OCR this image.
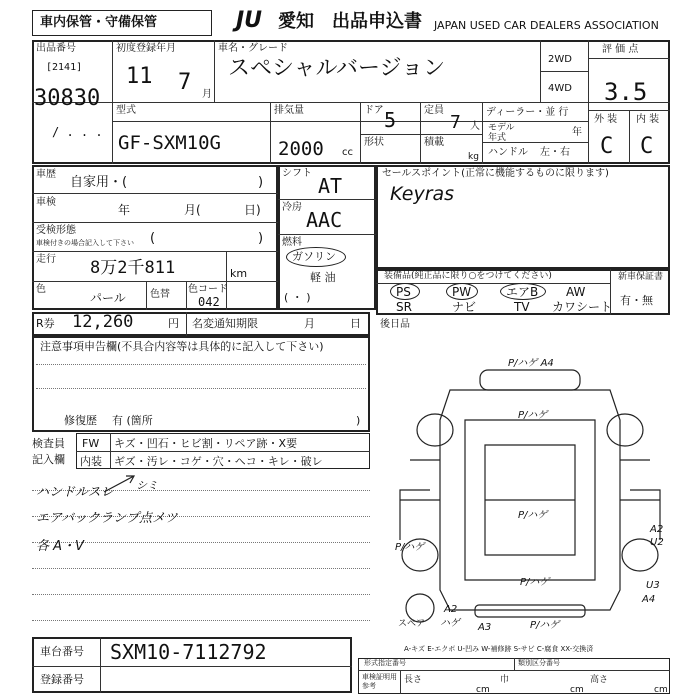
車内保管・守備保管	JU 愛知 出品申込書 JAPAN USED CAR DEALERS ASSOCIATION
出品番号
[2141]
30830
/ . . .
初度登録年月
11 7 月
車名・グレード
スペシャルバージョン	2WD
4WD
評 価 点
3.5
外 装 内 装
C C
型式
GF-SXM10G
排気量
2000 cc
ドア 5	定員
7 人
形状	積載
kg
ディーラー・並 行
モデル
年式	年
ハンドル 左・右
車歴
自家用・(	)
車検
年	月(	日)
受検形態
車検付きの場合記入して下さい (	)
走行 8万2千811	km
色
パール 色替 色コード
042
シフト
AT
冷房
AAC
燃料
ガソリン
軽 油
( ・ )
セールスポイント(正常に機能するものに限ります)
Keyras
装備品(純正品に限り○をつけてください)
PS	PW	エアB AW
SR	ナビ	TV カワシート
新車保証書
有・無
R券 12,260	円 名変通知期限	月	日 後日品
注意事項申告欄(不具合内容等は具体的に記入して下さい)
修復歴 有 (箇所	)
検査員
記入欄
FW キズ・凹石・ヒビ割・リペア跡・X要
内装 ギズ・汚レ・コゲ・穴・ヘコ・キレ・破レ
ハンドルスレ シミ
エアバックランプ点メツ
各 A・V
P/ハゲ A4
P/ハゲ
P/ハゲ
P/ハゲ
P/ハゲ
A2
U2
U3
A4
A2
ハゲ A3	P/ハゲ
スペア
A-キズ E-エクボ U-凹み W-補修跡 S-サビ C-腐食 XX-交換済
車台番号 SXM10-7112792
登録番号
形式指定番号	類別区分番号
車検証明用
参考
長さ
cm
巾
cm
高さ
cm
